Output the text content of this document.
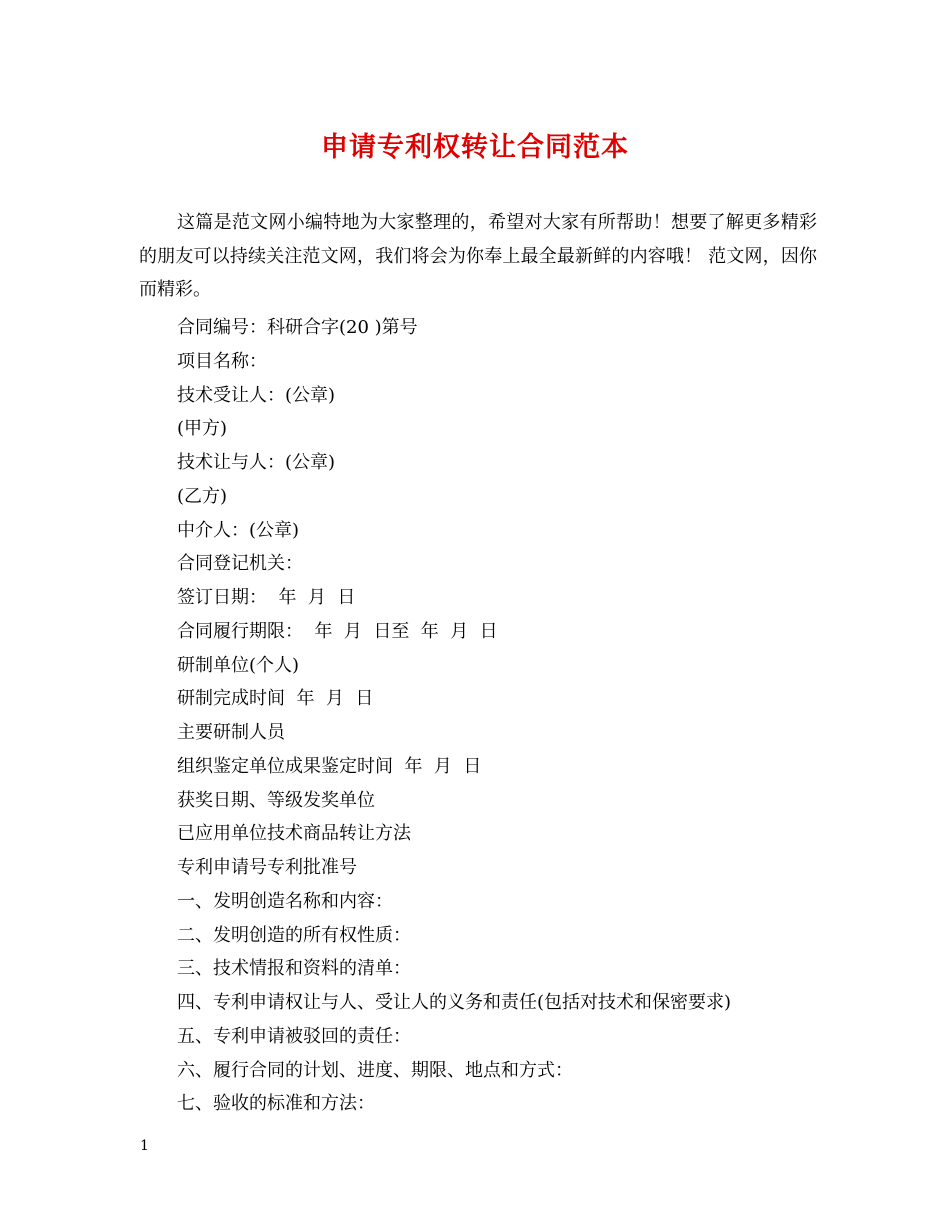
申请专利权转让合同范本

这篇是范文网小编特地为大家整理的，希望对大家有所帮助！想要了解更多精彩的朋友可以持续关注范文网，我们将会为你奉上最全最新鲜的内容哦！ 范文网，因你而精彩。

合同编号：科研合字(20 )第号
项目名称：
技术受让人：(公章)
(甲方)
技术让与人：(公章)
(乙方)
中介人：(公章)
合同登记机关：
签订日期：  年  月  日
合同履行期限：  年  月  日至  年  月  日
研制单位(个人)
研制完成时间  年  月  日
主要研制人员
组织鉴定单位成果鉴定时间  年  月  日
获奖日期、等级发奖单位
已应用单位技术商品转让方法
专利申请号专利批准号
一、发明创造名称和内容：
二、发明创造的所有权性质：
三、技术情报和资料的清单：
四、专利申请权让与人、受让人的义务和责任(包括对技术和保密要求)
五、专利申请被驳回的责任：
六、履行合同的计划、进度、期限、地点和方式：
七、验收的标准和方法：
1
